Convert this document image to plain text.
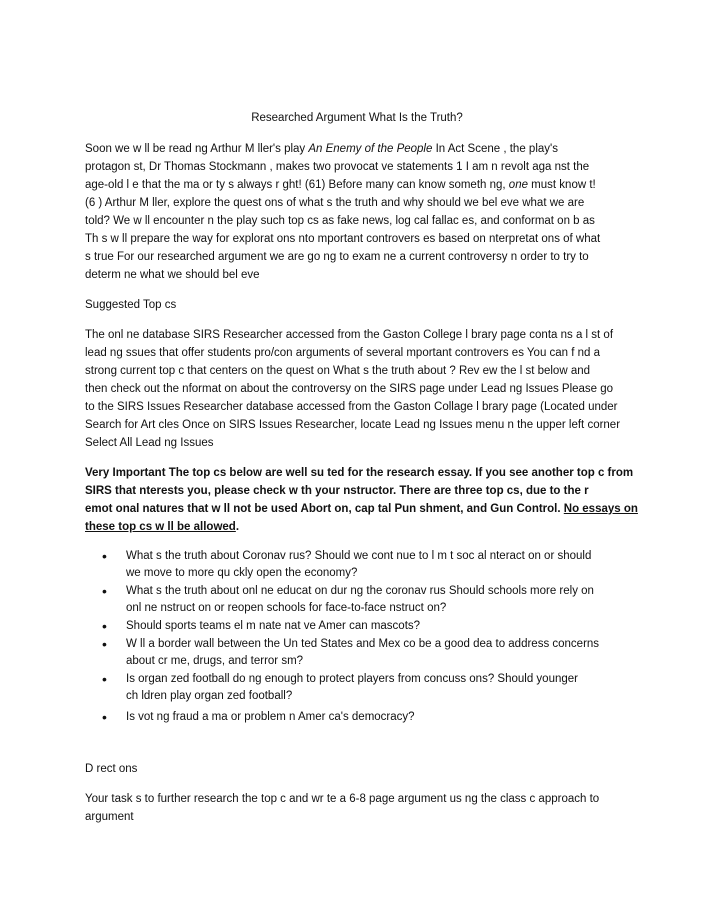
Researched Argument What Is the Truth?

Soon we w ll be read ng Arthur M ller's play An Enemy of the People In Act Scene , the play's

protagon st, Dr Thomas Stockmann , makes two provocat ve statements 1 I am n revolt aga nst the

age-old l e that the ma or ty s always r ght! (61) Before many can know someth ng, one must know t!

(6 ) Arthur M ller, explore the quest ons of what s the truth and why should we bel eve what we are

told? We w ll encounter n the play such top cs as fake news, log cal fallac es, and conformat on b as

Th s w ll prepare the way for explorat ons nto mportant controvers es based on nterpretat ons of what

s true For our researched argument we are go ng to exam ne a current controversy n order to try to

determ ne what we should bel eve

Suggested Top cs

The onl ne database SIRS Researcher accessed from the Gaston College l brary page conta ns a l st of

lead ng ssues that offer students pro/con arguments of several mportant controvers es You can f nd a

strong current top c that centers on the quest on What s the truth about ? Rev ew the l st below and

then check out the nformat on about the controversy on the SIRS page under Lead ng Issues Please go

to the SIRS Issues Researcher database accessed from the Gaston Collage l brary page (Located under

Search for Art cles Once on SIRS Issues Researcher, locate Lead ng Issues menu n the upper left corner

Select All Lead ng Issues

Very Important The top cs below are well su ted for the research essay. If you see another top c from

SIRS that nterests you, please check w th your nstructor. There are three top cs, due to the r

emot onal natures that w ll not be used Abort on, cap tal Pun shment, and Gun Control. No essays on

these top cs w ll be allowed.

• What s the truth about Coronav rus? Should we cont nue to l m t soc al nteract on or should
we move to more qu ckly open the economy?
• What s the truth about onl ne educat on dur ng the coronav rus Should schools more rely on
onl ne nstruct on or reopen schools for face-to-face nstruct on?
• Should sports teams el m nate nat ve Amer can mascots?
• W ll a border wall between the Un ted States and Mex co be a good dea to address concerns
about cr me, drugs, and terror sm?
• Is organ zed football do ng enough to protect players from concuss ons? Should younger
ch ldren play organ zed football?
• Is vot ng fraud a ma or problem n Amer ca's democracy?

D rect ons

Your task s to further research the top c and wr te a 6-8 page argument us ng the class c approach to

argument
